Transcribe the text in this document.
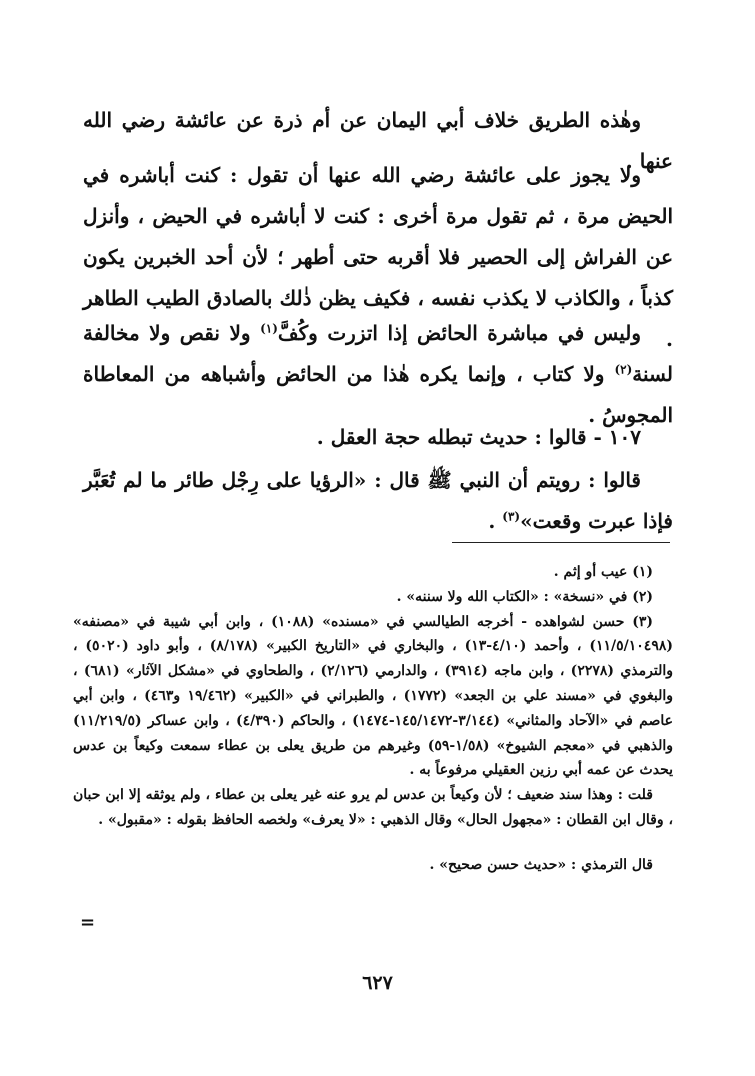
وهٰذه الطريق خلاف أبي اليمان عن أم ذرة عن عائشة رضي الله عنها .

ولا يجوز على عائشة رضي الله عنها أن تقول : كنت أباشره في الحيض مرة ، ثم تقول مرة أخرى : كنت لا أباشره في الحيض ، وأنزل عن الفراش إلى الحصير فلا أقربه حتى أطهر ؛ لأن أحد الخبرين يكون كذباً ، والكاذب لا يكذب نفسه ، فكيف يظن ذٰلك بالصادق الطيب الطاهر .

وليس في مباشرة الحائض إذا اتزرت وكُفَّ$^{(١)}$ ولا نقص ولا مخالفة لسنة$^{(٢)}$ ولا كتاب ، وإنما يكره هٰذا من الحائض وأشباهه من المعاطاة المجوسُ .

١٠٧ - قالوا : حديث تبطله حجة العقل .

قالوا : رويتم أن النبي ﷺ قال : «الرؤيا على رِجْل طائر ما لم تُعَبَّر فإذا عبرت وقعت»$^{(٣)}$ .

(١) عيب أو إثم .

(٢) في «نسخة» : «الكتاب الله ولا سننه» .

(٣) حسن لشواهده - أخرجه الطيالسي في «مسنده» (١٠٨٨) ، وابن أبي شيبة في «مصنفه» (١١/٥/١٠٤٩٨) ، وأحمد (٤/١٠-١٣) ، والبخاري في «التاريخ الكبير» (٨/١٧٨) ، وأبو داود (٥٠٢٠) ، والترمذي (٢٢٧٨) ، وابن ماجه (٣٩١٤) ، والدارمي (٢/١٢٦) ، والطحاوي في «مشكل الآثار» (٦٨١) ، والبغوي في «مسند علي بن الجعد» (١٧٧٢) ، والطبراني في «الكبير» (١٩/٤٦٢ و٤٦٣) ، وابن أبي عاصم في «الآحاد والمثاني» (٣/١٤٤-١٤٥/١٤٧٢-١٤٧٤) ، والحاكم (٤/٣٩٠) ، وابن عساكر (١١/٢١٩/٥) والذهبي في «معجم الشيوخ» (١/٥٨-٥٩) وغيرهم من طريق يعلى بن عطاء سمعت وكيعاً بن عدس يحدث عن عمه أبي رزين العقيلي مرفوعاً به .

قلت : وهذا سند ضعيف ؛ لأن وكيعاً بن عدس لم يرو عنه غير يعلى بن عطاء ، ولم يوثقه إلا ابن حبان ، وقال ابن القطان : «مجهول الحال» وقال الذهبي : «لا يعرف» ولخصه الحافظ بقوله : «مقبول» .

قال الترمذي : «حديث حسن صحيح» .

=
٦٢٧
